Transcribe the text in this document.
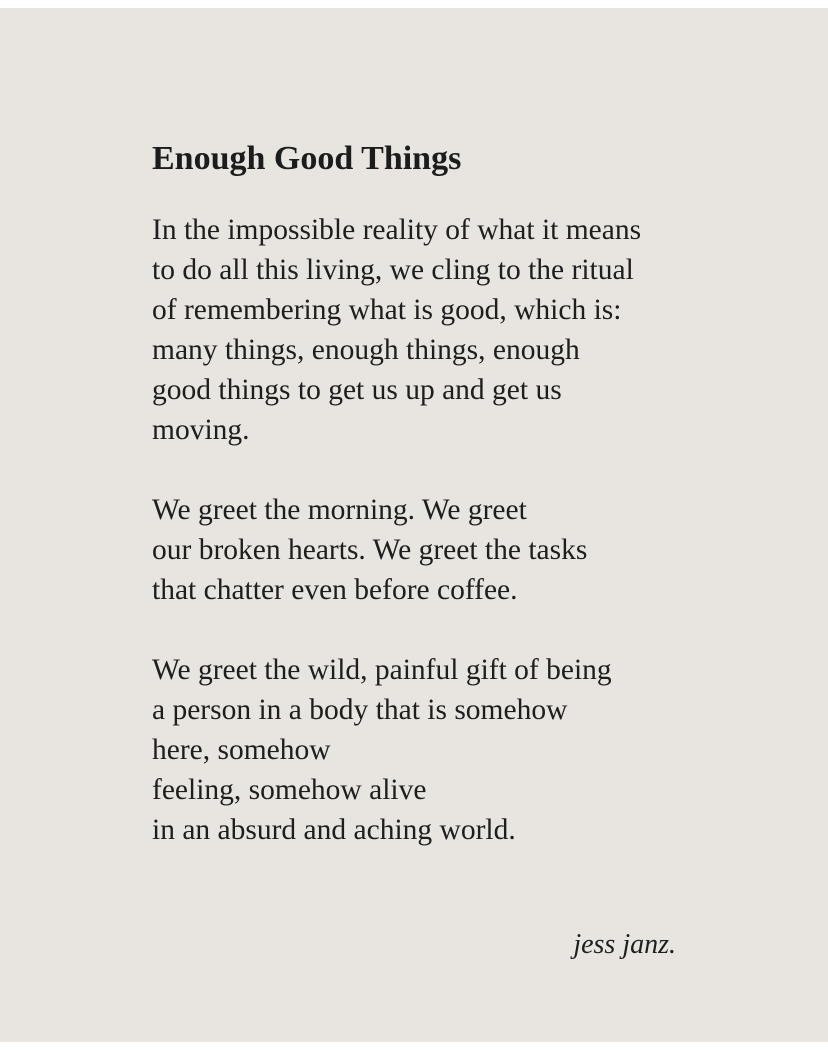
Enough Good Things

In the impossible reality of what it means
to do all this living, we cling to the ritual
of remembering what is good, which is:
many things, enough things, enough
good things to get us up and get us
moving.

We greet the morning. We greet
our broken hearts. We greet the tasks
that chatter even before coffee.

We greet the wild, painful gift of being
a person in a body that is somehow
here, somehow
feeling, somehow alive
in an absurd and aching world.

jess janz.
